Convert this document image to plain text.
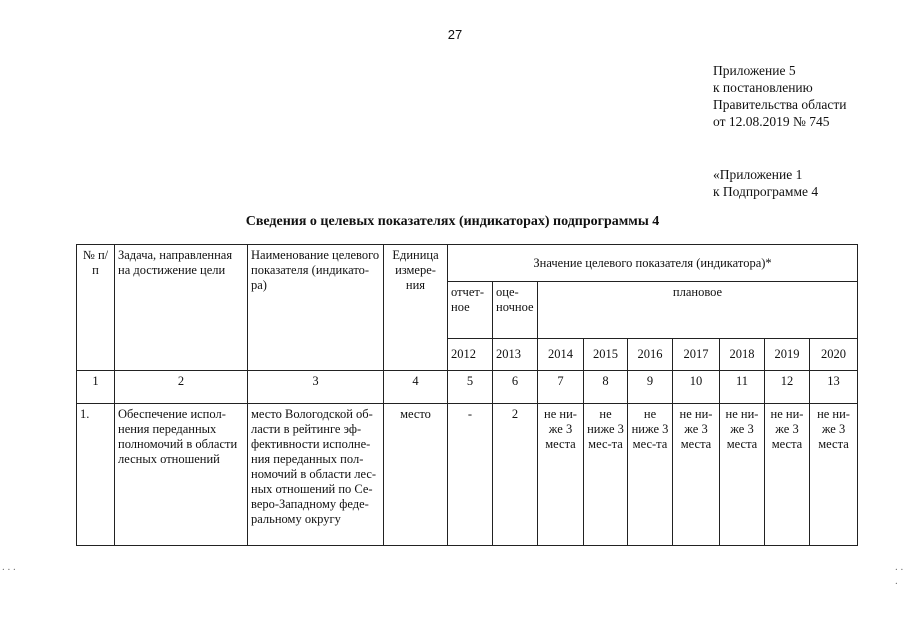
27
Приложение 5
к постановлению
Правительства области
от 12.08.2019 № 745
«Приложение 1
к Подпрограмме 4
Сведения о целевых показателях (индикаторах) подпрограммы 4
№ п/п	Задача, направленная на достижение цели	Наименование целевого показателя (индикато-ра)	Единица измере-ния	Значение целевого показателя (индикатора)*								
				отчет-ное	оце-ночное	плановое						
				2012	2013	2014	2015	2016	2017	2018	2019	2020
1	2	3	4	5	6	7	8	9	10	11	12	13
1.	Обеспечение испол-нения переданных полномочий в области лесных отношений	место Вологодской об-ласти в рейтинге эф-фективности исполне-ния переданных пол-номочий в области лес-ных отношений по Се-веро-Западному феде-ральному округу	место	-	2	не ни-же 3 места	не ниже 3 мес-та	не ниже 3 мес-та	не ни-же 3 места	не ни-же 3 места	не ни-же 3 места	не ни-же 3 места
. . .	. . .
